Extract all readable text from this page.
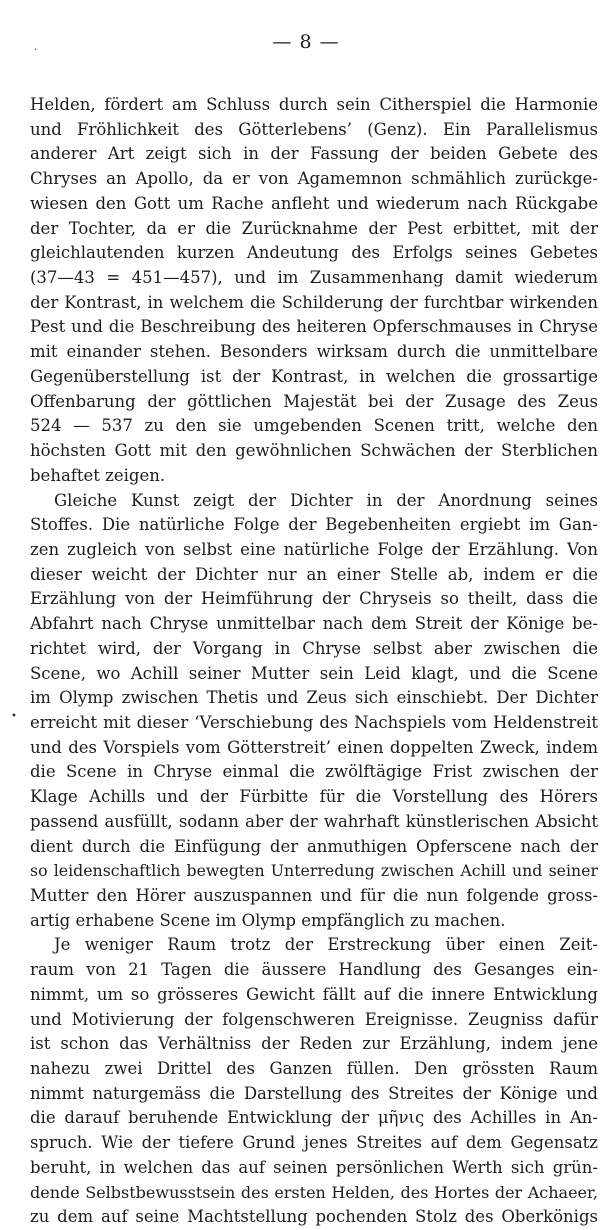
·
•
— 8 —
Helden, fördert am Schluss durch sein Citherspiel die Harmonie
und Fröhlichkeit des Götterlebens’ (Genz). Ein Parallelismus
anderer Art zeigt sich in der Fassung der beiden Gebete des
Chryses an Apollo, da er von Agamemnon schmählich zurückge-
wiesen den Gott um Rache anfleht und wiederum nach Rückgabe
der Tochter, da er die Zurücknahme der Pest erbittet, mit der
gleichlautenden kurzen Andeutung des Erfolgs seines Gebetes
(37—43 = 451—457), und im Zusammenhang damit wiederum
der Kontrast, in welchem die Schilderung der furchtbar wirkenden
Pest und die Beschreibung des heiteren Opferschmauses in Chryse
mit einander stehen. Besonders wirksam durch die unmittelbare
Gegenüberstellung ist der Kontrast, in welchen die grossartige
Offenbarung der göttlichen Majestät bei der Zusage des Zeus
524 — 537 zu den sie umgebenden Scenen tritt, welche den
höchsten Gott mit den gewöhnlichen Schwächen der Sterblichen
behaftet zeigen.
Gleiche Kunst zeigt der Dichter in der Anordnung seines
Stoffes. Die natürliche Folge der Begebenheiten ergiebt im Gan-
zen zugleich von selbst eine natürliche Folge der Erzählung. Von
dieser weicht der Dichter nur an einer Stelle ab, indem er die
Erzählung von der Heimführung der Chryseis so theilt, dass die
Abfahrt nach Chryse unmittelbar nach dem Streit der Könige be-
richtet wird, der Vorgang in Chryse selbst aber zwischen die
Scene, wo Achill seiner Mutter sein Leid klagt, und die Scene
im Olymp zwischen Thetis und Zeus sich einschiebt. Der Dichter
erreicht mit dieser ‘Verschiebung des Nachspiels vom Heldenstreit
und des Vorspiels vom Götterstreit’ einen doppelten Zweck, indem
die Scene in Chryse einmal die zwölftägige Frist zwischen der
Klage Achills und der Fürbitte für die Vorstellung des Hörers
passend ausfüllt, sodann aber der wahrhaft künstlerischen Absicht
dient durch die Einfügung der anmuthigen Opferscene nach der
so leidenschaftlich bewegten Unterredung zwischen Achill und seiner
Mutter den Hörer auszuspannen und für die nun folgende gross-
artig erhabene Scene im Olymp empfänglich zu machen.
Je weniger Raum trotz der Erstreckung über einen Zeit-
raum von 21 Tagen die äussere Handlung des Gesanges ein-
nimmt, um so grösseres Gewicht fällt auf die innere Entwicklung
und Motivierung der folgenschweren Ereignisse. Zeugniss dafür
ist schon das Verhältniss der Reden zur Erzählung, indem jene
nahezu zwei Drittel des Ganzen füllen. Den grössten Raum
nimmt naturgemäss die Darstellung des Streites der Könige und
die darauf beruhende Entwicklung der μῆνις des Achilles in An-
spruch. Wie der tiefere Grund jenes Streites auf dem Gegensatz
beruht, in welchen das auf seinen persönlichen Werth sich grün-
dende Selbstbewusstsein des ersten Helden, des Hortes der Achaeer,
zu dem auf seine Machtstellung pochenden Stolz des Oberkönigs
